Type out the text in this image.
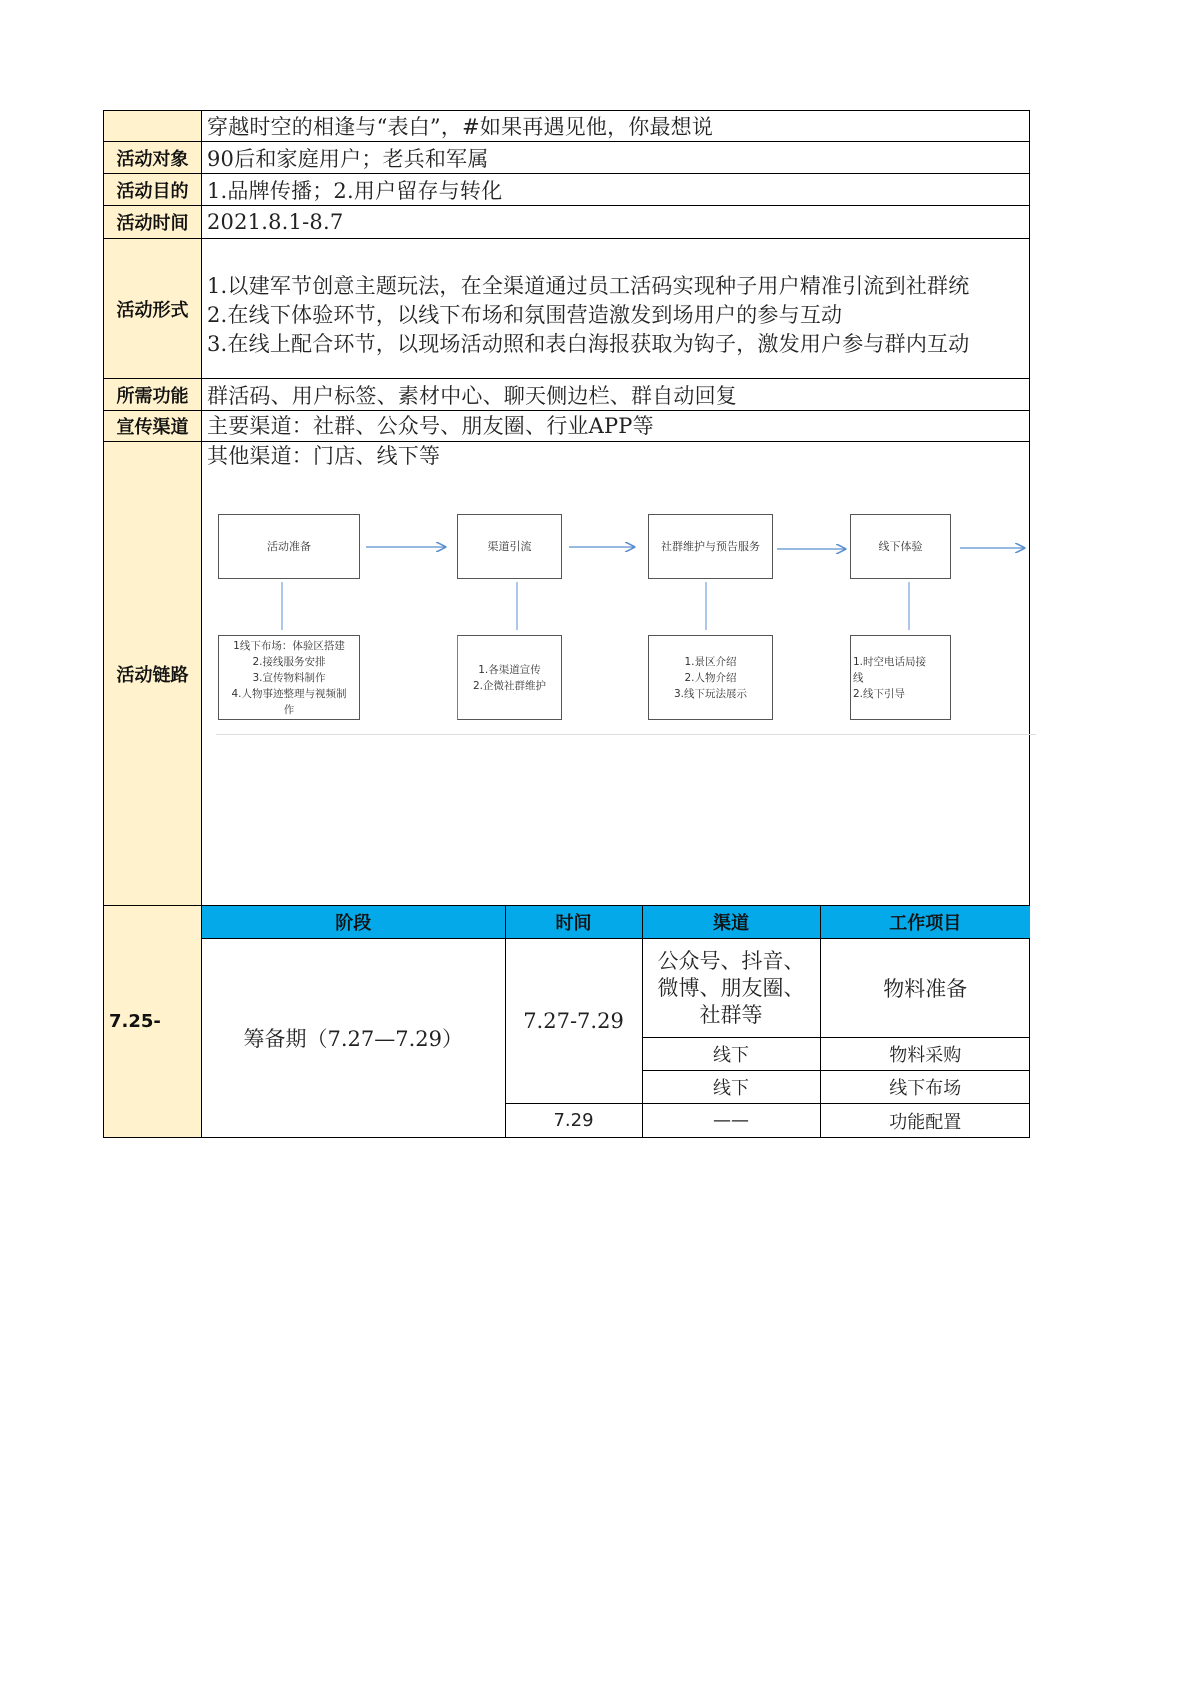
穿越时空的相逢与“表白”，#如果再遇见他，你最想说
活动对象 90后和家庭用户；老兵和军属
活动目的 1.品牌传播；2.用户留存与转化
活动时间 2021.8.1-8.7
活动形式
1.以建军节创意主题玩法，在全渠道通过员工活码实现种子用户精准引流到社群统
2.在线下体验环节，以线下布场和氛围营造激发到场用户的参与互动
3.在线上配合环节，以现场活动照和表白海报获取为钩子，激发用户参与群内互动
所需功能 群活码、用户标签、素材中心、聊天侧边栏、群自动回复
宣传渠道 主要渠道：社群、公众号、朋友圈、行业APP等
其他渠道：门店、线下等
活动链路
活动准备	渠道引流	社群维护与预告服务	线下体验
1线下布场：体验区搭建
2.接线服务安排
3.宣传物料制作
4.人物事迹整理与视频制
作
1.各渠道宣传
2.企微社群维护
1.景区介绍
2.人物介绍
3.线下玩法展示
1.时空电话局接
线
2.线下引导
7.25-
阶段	时间	渠道	工作项目
筹备期（7.27—7.29）	7.27-7.29	公众号、抖音、微博、朋友圈、社群等	物料准备
		线下	物料采购
		线下	线下布场
	7.29	——	功能配置
